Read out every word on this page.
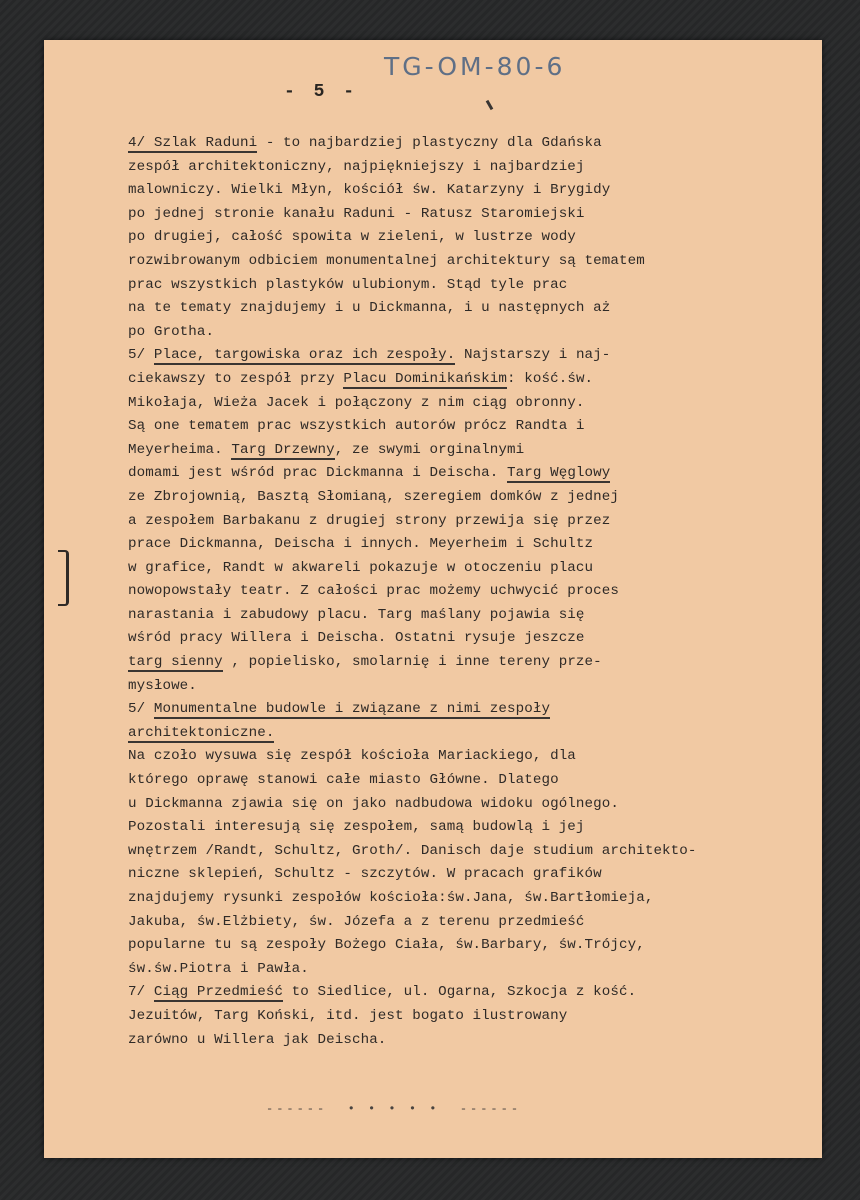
TG-OM-80-6
- 5 -
4/ Szlak Raduni - to najbardziej plastyczny dla Gdańska
zespół architektoniczny, najpiękniejszy i najbardziej
malowniczy. Wielki Młyn, kościół św. Katarzyny i Brygidy
po jednej stronie kanału Raduni - Ratusz Staromiejski
po drugiej, całość spowita w zieleni, w lustrze wody
rozwibrowanym odbiciem monumentalnej architektury są tematem
prac wszystkich plastyków ulubionym. Stąd tyle prac
na te tematy znajdujemy i u Dickmanna, i u następnych aż
po Grotha.
5/ Place, targowiska oraz ich zespoły. Najstarszy i naj-
ciekawszy to zespół przy Placu Dominikańskim: kość.św.
Mikołaja, Wieża Jacek i połączony z nim ciąg obronny.
Są one tematem prac wszystkich autorów prócz Randta i
Meyerheima. Targ Drzewny, ze swymi orginalnymi
domami jest wśród prac Dickmanna i Deischa. Targ Węglowy
ze Zbrojownią, Basztą Słomianą, szeregiem domków z jednej
a zespołem Barbakanu z drugiej strony przewija się przez
prace Dickmanna, Deischa i innych. Meyerheim i Schultz
w grafice, Randt w akwareli pokazuje w otoczeniu placu
nowopowstały teatr. Z całości prac możemy uchwycić proces
narastania i zabudowy placu. Targ maślany pojawia się
wśród pracy Willera i Deischa. Ostatni rysuje jeszcze
targ sienny , popielisko, smolarnię i inne tereny prze-
mysłowe.
5/ Monumentalne budowle i związane z nimi zespoły
architektoniczne.
Na czoło wysuwa się zespół kościoła Mariackiego, dla
którego oprawę stanowi całe miasto Główne. Dlatego
u Dickmanna zjawia się on jako nadbudowa widoku ogólnego.
Pozostali interesują się zespołem, samą budowlą i jej
wnętrzem /Randt, Schultz, Groth/. Danisch daje studium architekto-
niczne sklepień, Schultz - szczytów. W pracach grafików
znajdujemy rysunki zespołów kościoła:św.Jana, św.Bartłomieja,
Jakuba, św.Elżbiety, św. Józefa a z terenu przedmieść
popularne tu są zespoły Bożego Ciała, św.Barbary, św.Trójcy,
św.św.Piotra i Pawła.
7/ Ciąg Przedmieść to Siedlice, ul. Ogarna, Szkocja z kość.
Jezuitów, Targ Koński, itd. jest bogato ilustrowany
zarówno u Willera jak Deischa.
------  • • • • •  ------
